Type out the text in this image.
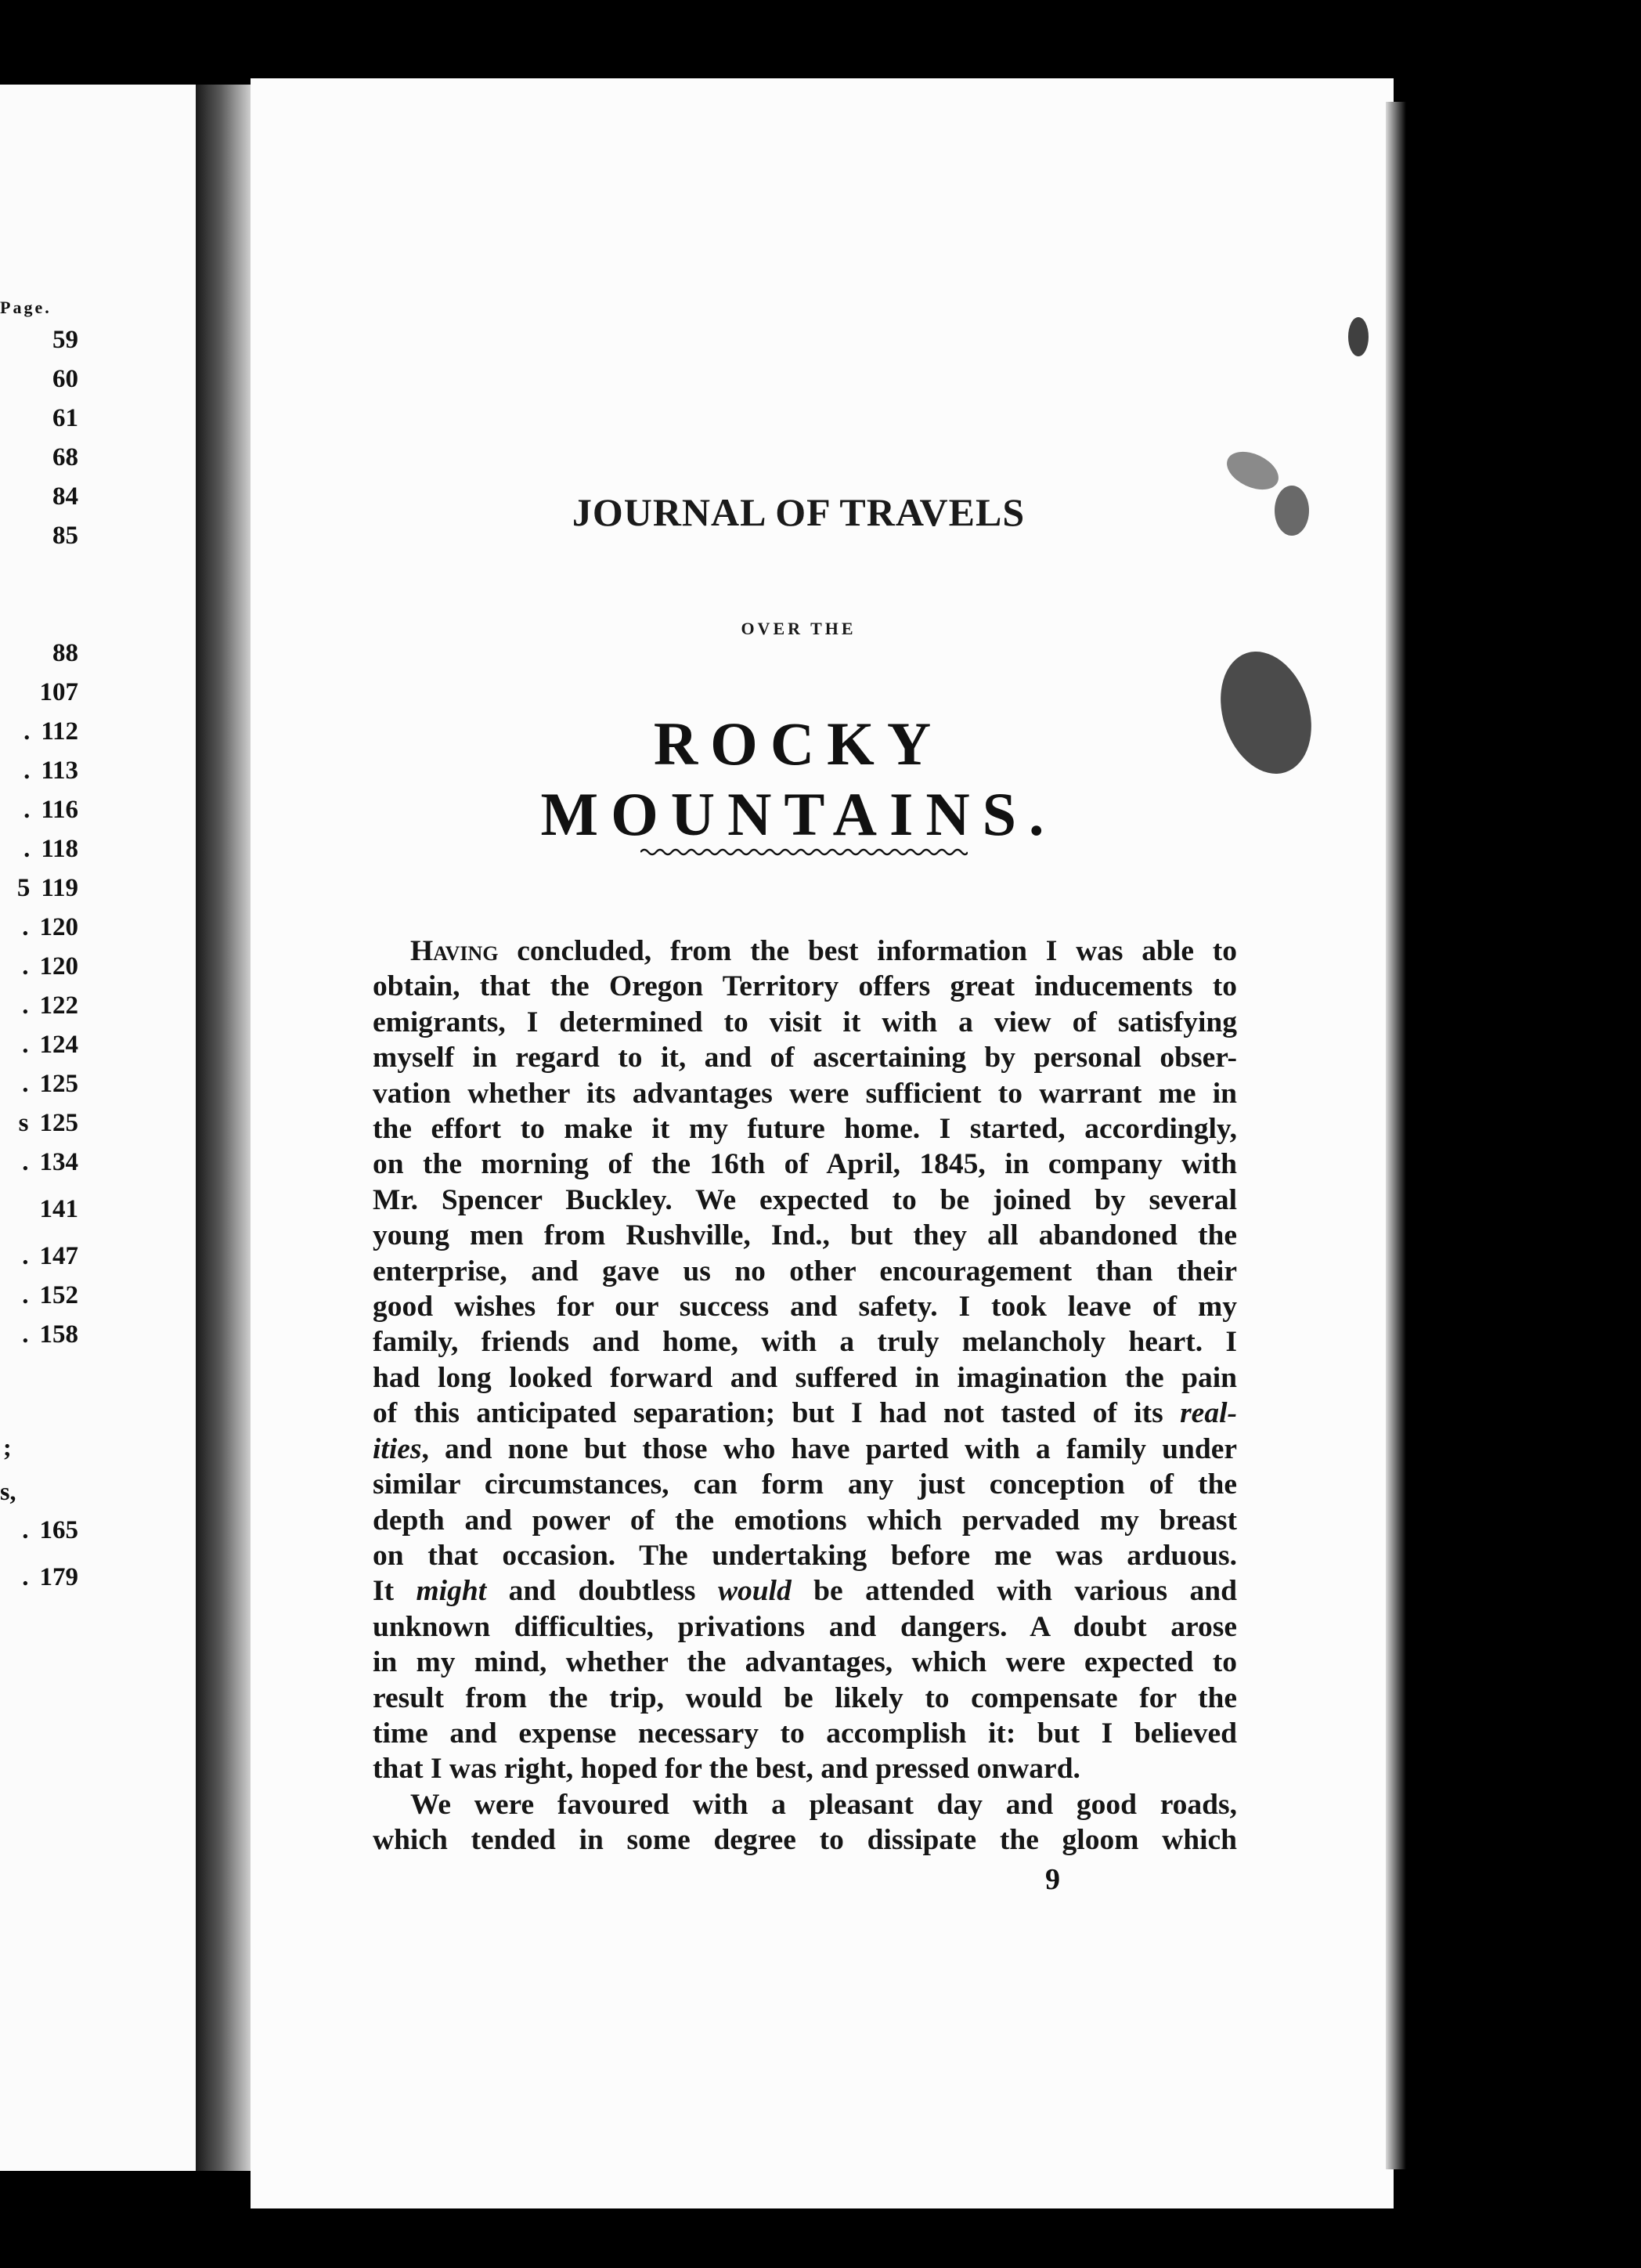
Page.
59
60
61
68
84
85
88
107
. 112
. 113
. 116
. 118
5 119
. 120
. 120
. 122
. 124
. 125
s 125
. 134
141
. 147
. 152
. 158
. 165
. 179
;
s,
JOURNAL OF TRAVELS
OVER THE
ROCKY MOUNTAINS.

Having concluded, from the best information I was able to
obtain, that the Oregon Territory offers great inducements to
emigrants, I determined to visit it with a view of satisfying
myself in regard to it, and of ascertaining by personal obser-
vation whether its advantages were sufficient to warrant me in
the effort to make it my future home. I started, accordingly,
on the morning of the 16th of April, 1845, in company with
Mr. Spencer Buckley. We expected to be joined by several
young men from Rushville, Ind., but they all abandoned the
enterprise, and gave us no other encouragement than their
good wishes for our success and safety. I took leave of my
family, friends and home, with a truly melancholy heart. I
had long looked forward and suffered in imagination the pain
of this anticipated separation; but I had not tasted of its real-
ities, and none but those who have parted with a family under
similar circumstances, can form any just conception of the
depth and power of the emotions which pervaded my breast
on that occasion. The undertaking before me was arduous.
It might and doubtless would be attended with various and
unknown difficulties, privations and dangers. A doubt arose
in my mind, whether the advantages, which were expected to
result from the trip, would be likely to compensate for the
time and expense necessary to accomplish it: but I believed
that I was right, hoped for the best, and pressed onward.

We were favoured with a pleasant day and good roads,
which tended in some degree to dissipate the gloom which

9
